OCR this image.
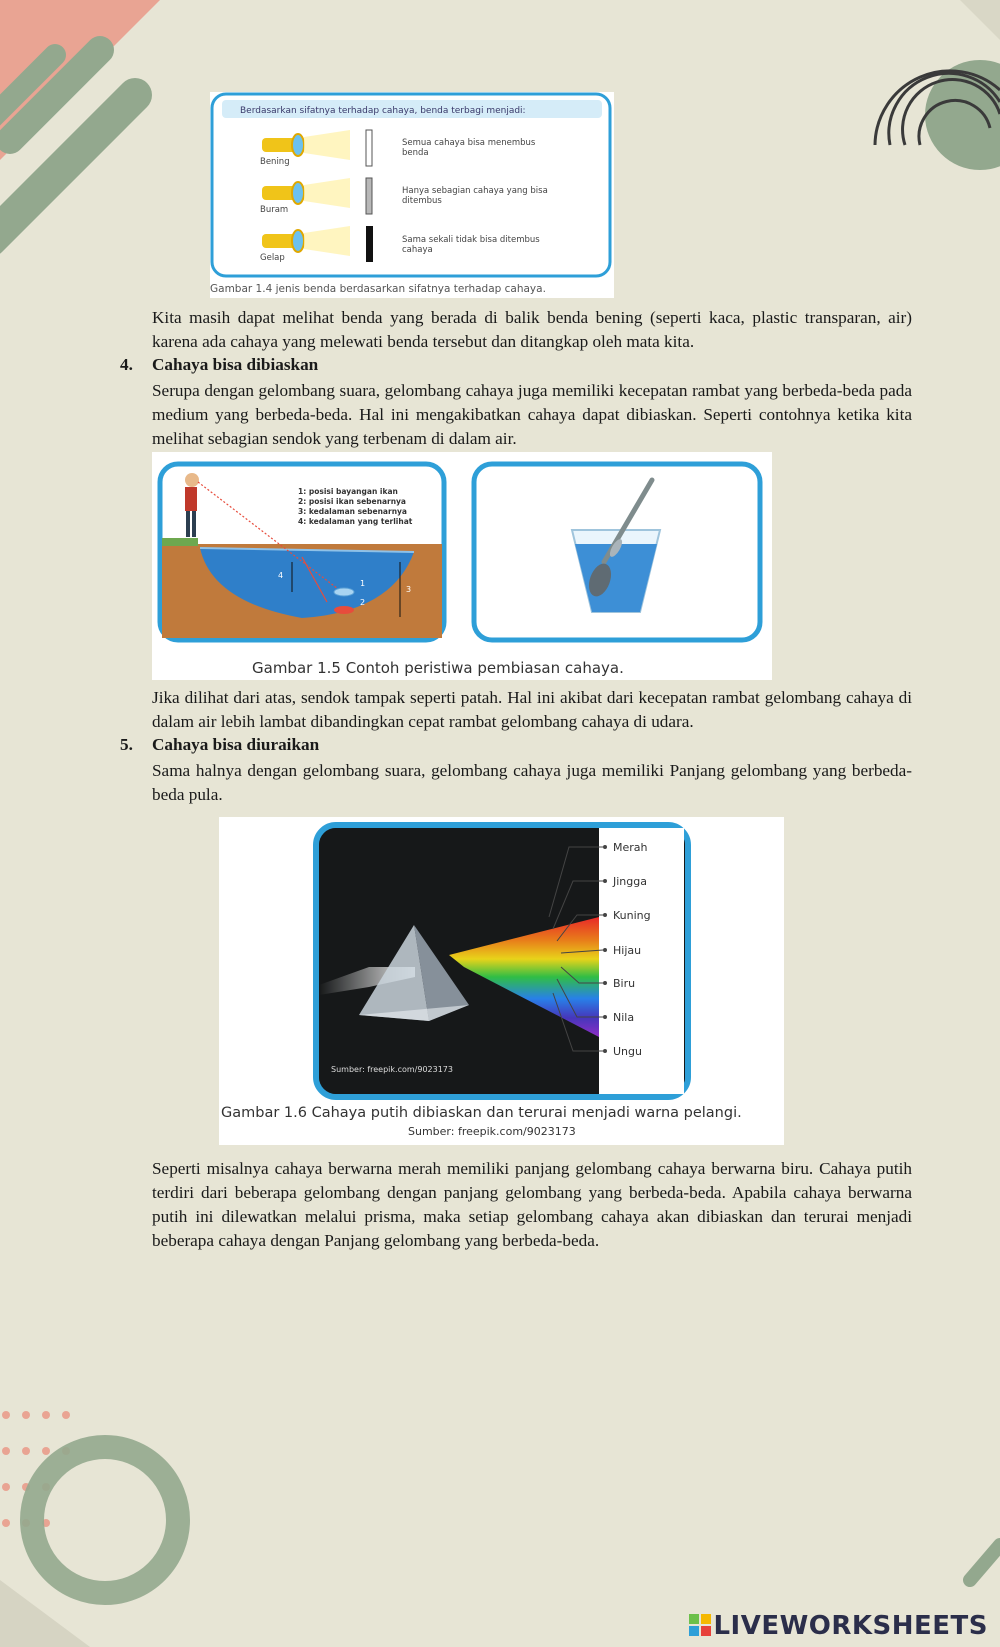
Berdasarkan sifatnya terhadap cahaya, benda terbagi menjadi:
Bening
Semua cahaya bisa menembus
benda
Buram
Hanya sebagian cahaya yang bisa
ditembus
Gelap
Sama sekali tidak bisa ditembus
cahaya
Gambar 1.4 jenis benda berdasarkan sifatnya terhadap cahaya.
Kita masih dapat melihat benda yang berada di balik benda bening (seperti kaca, plastic transparan, air) karena ada cahaya yang melewati benda tersebut dan ditangkap oleh mata kita.
4. Cahaya bisa dibiaskan
Serupa dengan gelombang suara, gelombang cahaya juga memiliki kecepatan rambat yang berbeda-beda pada medium yang berbeda-beda. Hal ini mengakibatkan cahaya dapat dibiaskan. Seperti contohnya ketika kita melihat sebagian sendok yang terbenam di dalam air.
1
2
3
4
1: posisi bayangan ikan
2: posisi ikan sebenarnya
3: kedalaman sebenarnya
4: kedalaman yang terlihat
Gambar 1.5 Contoh peristiwa pembiasan cahaya.
Jika dilihat dari atas, sendok tampak seperti patah. Hal ini akibat dari kecepatan rambat gelombang cahaya di dalam air lebih lambat dibandingkan cepat rambat gelombang cahaya di udara.
5. Cahaya bisa diuraikan
Sama halnya dengan gelombang suara, gelombang cahaya juga memiliki Panjang gelombang yang berbeda-beda pula.
Merah
Jingga
Kuning
Hijau
Biru
Nila
Ungu
Sumber: freepik.com/9023173
Gambar 1.6 Cahaya putih dibiaskan dan terurai menjadi warna pelangi.
Sumber: freepik.com/9023173
Seperti misalnya cahaya berwarna merah memiliki panjang gelombang cahaya berwarna biru. Cahaya putih terdiri dari beberapa gelombang dengan panjang gelombang yang berbeda-beda. Apabila cahaya berwarna putih ini dilewatkan melalui prisma, maka setiap gelombang cahaya akan dibiaskan dan terurai menjadi beberapa cahaya dengan Panjang gelombang yang berbeda-beda.
LIVEWORKSHEETS
